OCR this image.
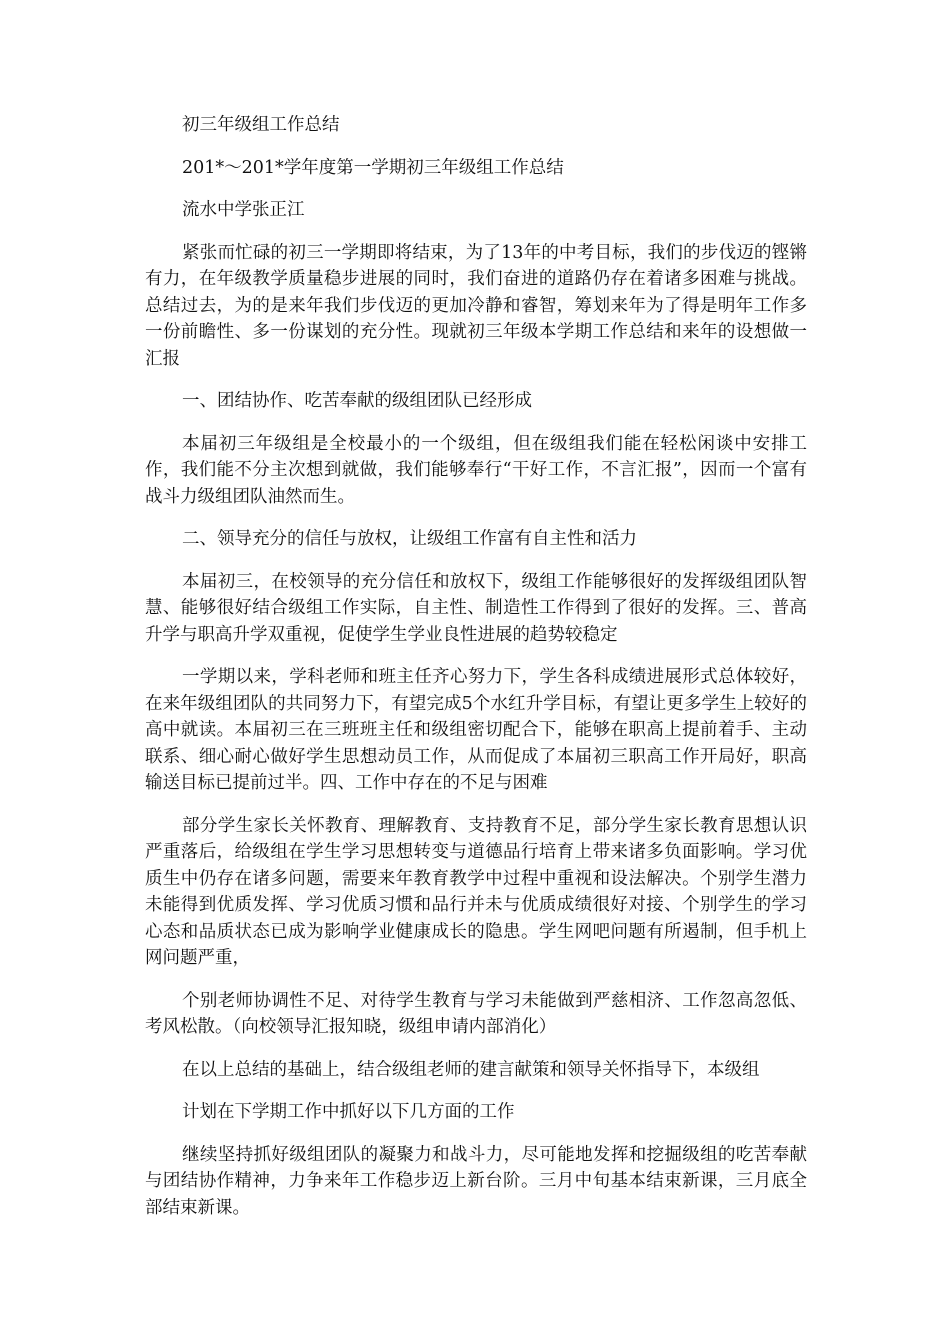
初三年级组工作总结

201*～201*学年度第一学期初三年级组工作总结

流水中学张正江

紧张而忙碌的初三一学期即将结束，为了13年的中考目标，我们的步伐迈的铿锵有力，在年级教学质量稳步进展的同时，我们奋进的道路仍存在着诸多困难与挑战。总结过去，为的是来年我们步伐迈的更加冷静和睿智，筹划来年为了得是明年工作多一份前瞻性、多一份谋划的充分性。现就初三年级本学期工作总结和来年的设想做一汇报

一、团结协作、吃苦奉献的级组团队已经形成

本届初三年级组是全校最小的一个级组，但在级组我们能在轻松闲谈中安排工作，我们能不分主次想到就做，我们能够奉行“干好工作，不言汇报”，因而一个富有战斗力级组团队油然而生。

二、领导充分的信任与放权，让级组工作富有自主性和活力

本届初三，在校领导的充分信任和放权下，级组工作能够很好的发挥级组团队智慧、能够很好结合级组工作实际，自主性、制造性工作得到了很好的发挥。三、普高升学与职高升学双重视，促使学生学业良性进展的趋势较稳定

一学期以来，学科老师和班主任齐心努力下，学生各科成绩进展形式总体较好，在来年级组团队的共同努力下，有望完成5个水红升学目标，有望让更多学生上较好的高中就读。本届初三在三班班主任和级组密切配合下，能够在职高上提前着手、主动联系、细心耐心做好学生思想动员工作，从而促成了本届初三职高工作开局好，职高输送目标已提前过半。四、工作中存在的不足与困难

部分学生家长关怀教育、理解教育、支持教育不足，部分学生家长教育思想认识严重落后，给级组在学生学习思想转变与道德品行培育上带来诸多负面影响。学习优质生中仍存在诸多问题，需要来年教育教学中过程中重视和设法解决。个别学生潜力未能得到优质发挥、学习优质习惯和品行并未与优质成绩很好对接、个别学生的学习心态和品质状态已成为影响学业健康成长的隐患。学生网吧问题有所遏制，但手机上网问题严重，

个别老师协调性不足、对待学生教育与学习未能做到严慈相济、工作忽高忽低、考风松散。（向校领导汇报知晓，级组申请内部消化）

在以上总结的基础上，结合级组老师的建言献策和领导关怀指导下，本级组

计划在下学期工作中抓好以下几方面的工作

继续坚持抓好级组团队的凝聚力和战斗力，尽可能地发挥和挖掘级组的吃苦奉献与团结协作精神，力争来年工作稳步迈上新台阶。三月中旬基本结束新课，三月底全部结束新课。
